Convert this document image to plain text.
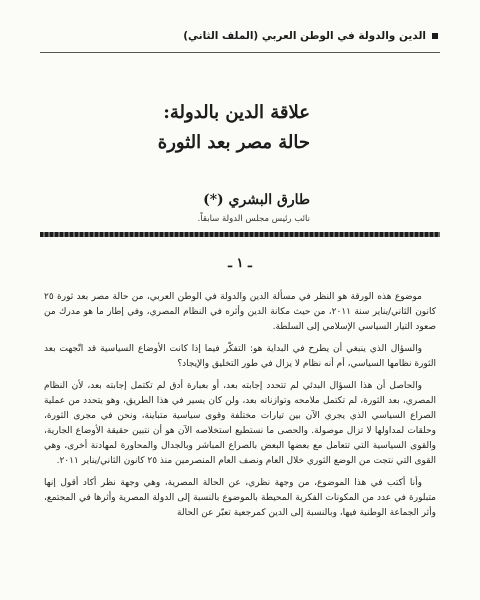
الدين والدولة في الوطن العربي (الملف الثاني)
علاقة الدين بالدولة:
حالة مصر بعد الثورة
طارق البشري (*)
نائب رئيس مجلس الدولة سابقاً.
ـ ١ ـ

موضوع هذه الورقة هو النظر في مسألة الدين والدولة في الوطن العربي، من حالة مصر بعد ثورة ٢٥ كانون الثاني/يناير سنة ٢٠١١، من حيث مكانة الدين وأثره في النظام المصري، وفي إطار ما هو مدرك من صعود التيار السياسي الإسلامي إلى السلطة.

والسؤال الذي ينبغي أن يطرح في البداية هو: التفكّر فيما إذا كانت الأوضاع السياسية قد اتّجهت بعد الثورة نظامها السياسي، أم أنه نظام لا يزال في طور التخليق والإيجاد؟

والحاصل أن هذا السؤال البدئي لم تتحدد إجابته بعد، أو بعبارة أدق لم تكتمل إجابته بعد، لأن النظام المصري، بعد الثورة، لم تكتمل ملامحه وتوازناته بعد، ولن كان يسير في هذا الطريق، وهو يتحدد من عملية الصراع السياسي الذي يجري الآن بين تيارات مختلفة وقوى سياسية متباينة، ونحن في مجرى الثورة، وحلقات لمداولها لا تزال موصولة. والحصى ما نستطيع استخلاصه الآن هو أن نتبين حقيقة الأوضاع الجارية، والقوى السياسية التي تتعامل مع بعضها البعض بالصراع المباشر وبالجدال والمحاورة لمهادنة أخرى، وهي القوى التي نتجت من الوضع الثوري خلال العام ونصف العام المنصرمين منذ ٢٥ كانون الثاني/يناير ٢٠١١.

وأنا أكتب في هذا الموضوع، من وجهة نظري، عن الحالة المصرية، وهي وجهة نظر أكاد أقول إنها متبلورة في عدد من المكونات الفكرية المحيطة بالموضوع بالنسبة إلى الدولة المصرية وأثرها في المجتمع، وأثر الجماعة الوطنية فيها، وبالنسبة إلى الدين كمرجعية تعبّر عن الحالة
